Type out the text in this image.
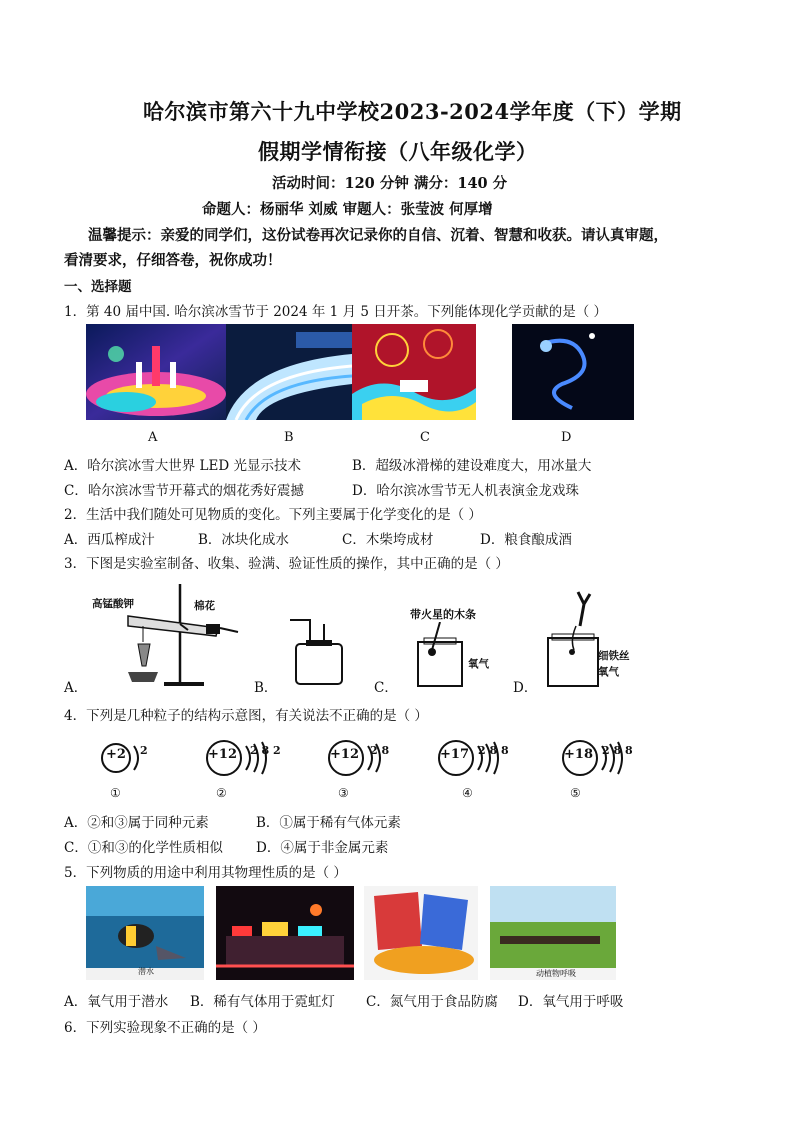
哈尔滨市第六十九中学校2023-2024学年度（下）学期
假期学情衔接（八年级化学）
活动时间：120 分钟 满分：140 分
命题人：杨丽华 刘威 审题人：张莹波 何厚增
温馨提示：亲爱的同学们，这份试卷再次记录你的自信、沉着、智慧和收获。请认真审题，
看清要求，仔细答卷，祝你成功！
一、选择题
1．第 40 届中国. 哈尔滨冰雪节于 2024 年 1 月 5 日开茶。下列能体现化学贡献的是（ ）
A	B	C	D
A．哈尔滨冰雪大世界 LED 光显示技术	B．超级冰滑梯的建设难度大，用冰量大
C．哈尔滨冰雪节开幕式的烟花秀好震撼	D．哈尔滨冰雪节无人机表演金龙戏珠
2．生活中我们随处可见物质的变化。下列主要属于化学变化的是（ ）
A．西瓜榨成汁	B．冰块化成水	C．木柴垮成材	D．粮食酿成酒
3．下图是实验室制备、收集、验满、验证性质的操作，其中正确的是（ ）
高锰酸钾	棉花
带火星的木条
氧气
细铁丝
氧气
A．	B．	C．	D．
4．下列是几种粒子的结构示意图，有关说法不正确的是（ ）
+2 2
①
+12 2 8 2
②
+12 2 8
③
+17 2 8 8
④
+18 2 8 8
⑤
A．②和③属于同种元素	B．①属于稀有气体元素
C．①和③的化学性质相似 D．④属于非金属元素
5．下列物质的用途中利用其物理性质的是（ ）
潜水	动植物呼吸
A．氧气用于潜水 B．稀有气体用于霓虹灯 C．氮气用于食品防腐 D．氧气用于呼吸
6．下列实验现象不正确的是（ ）
